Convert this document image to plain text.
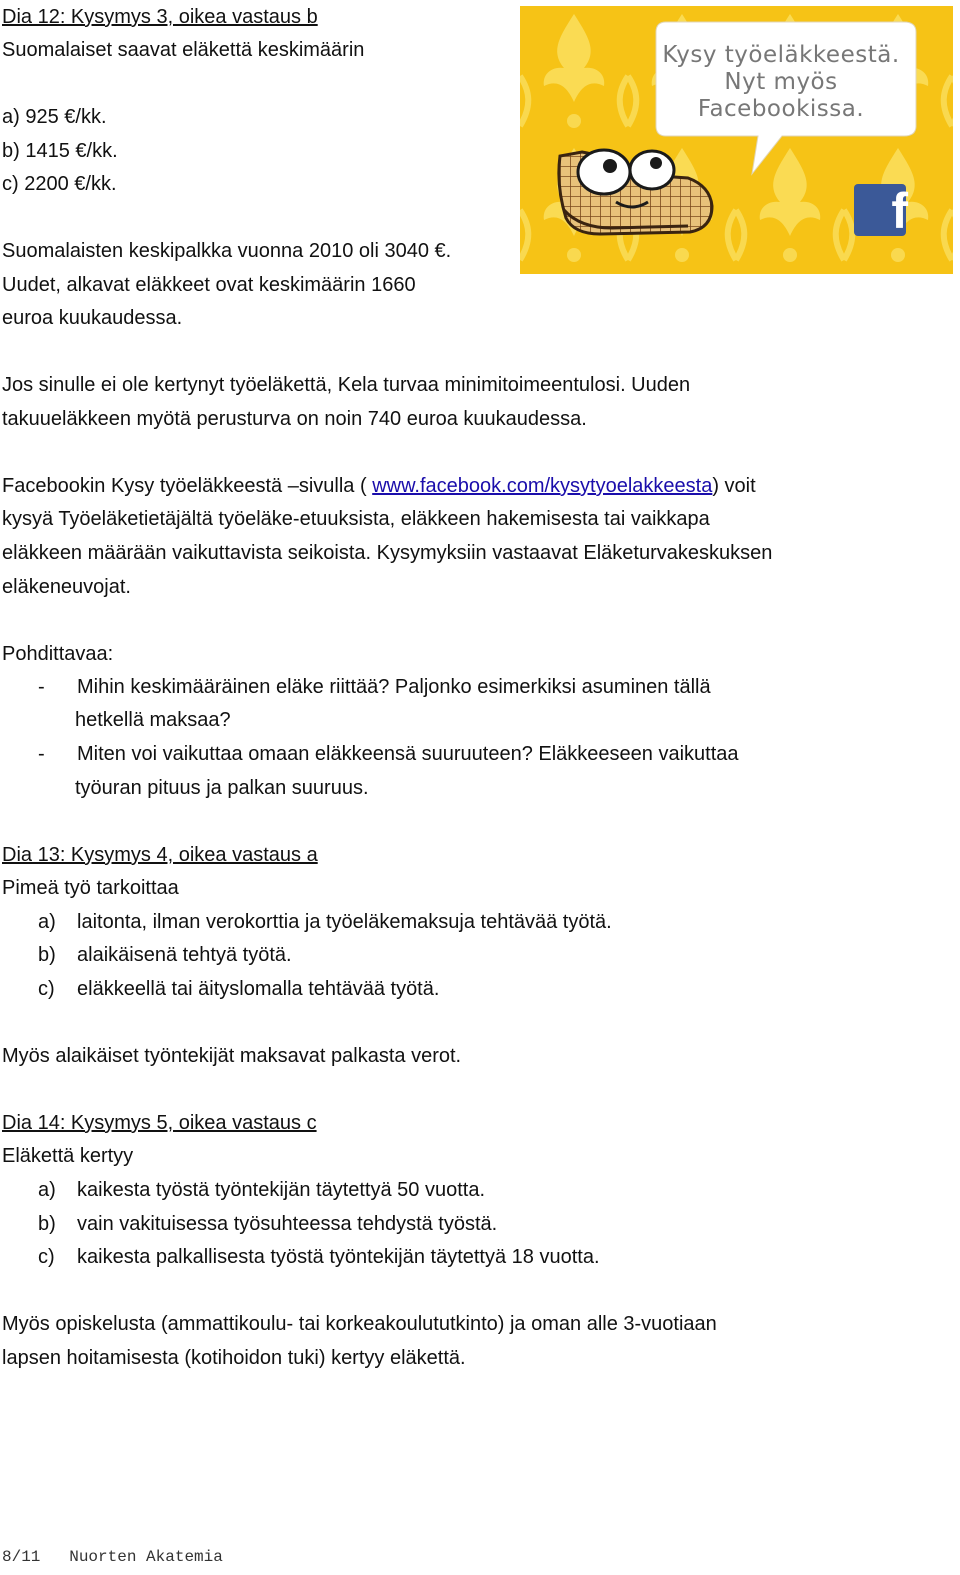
Dia 12: Kysymys 3, oikea vastaus b
Suomalaiset saavat eläkettä keskimäärin
a) 925 €/kk.
b) 1415 €/kk.
c) 2200 €/kk.
Suomalaisten keskipalkka vuonna 2010 oli 3040 €.
Uudet, alkavat eläkkeet ovat keskimäärin 1660
euroa kuukaudessa.
Jos sinulle ei ole kertynyt työeläkettä, Kela turvaa minimitoimeentulosi. Uuden
takuueläkkeen myötä perusturva on noin 740 euroa kuukaudessa.
Facebookin Kysy työeläkkeestä –sivulla ( www.facebook.com/kysytyoelakkeesta) voit
kysyä Työeläketietäjältä työeläke-etuuksista, eläkkeen hakemisesta tai vaikkapa
eläkkeen määrään vaikuttavista seikoista. Kysymyksiin vastaavat Eläketurvakeskuksen
eläkeneuvojat.
Pohdittavaa:
- Mihin keskimääräinen eläke riittää? Paljonko esimerkiksi asuminen tällä
hetkellä maksaa?
- Miten voi vaikuttaa omaan eläkkeensä suuruuteen? Eläkkeeseen vaikuttaa
työuran pituus ja palkan suuruus.
Kysy työeläkkeestä.
Nyt myös
Facebookissa.
f
Dia 13: Kysymys 4, oikea vastaus a
Pimeä työ tarkoittaa
a) laitonta, ilman verokorttia ja työeläkemaksuja tehtävää työtä.
b) alaikäisenä tehtyä työtä.
c) eläkkeellä tai äityslomalla tehtävää työtä.
Myös alaikäiset työntekijät maksavat palkasta verot.
Dia 14: Kysymys 5, oikea vastaus c
Eläkettä kertyy
a) kaikesta työstä työntekijän täytettyä 50 vuotta.
b) vain vakituisessa työsuhteessa tehdystä työstä.
c) kaikesta palkallisesta työstä työntekijän täytettyä 18 vuotta.
Myös opiskelusta (ammattikoulu- tai korkeakoulututkinto) ja oman alle 3-vuotiaan
lapsen hoitamisesta (kotihoidon tuki) kertyy eläkettä.
8/11 Nuorten Akatemia
